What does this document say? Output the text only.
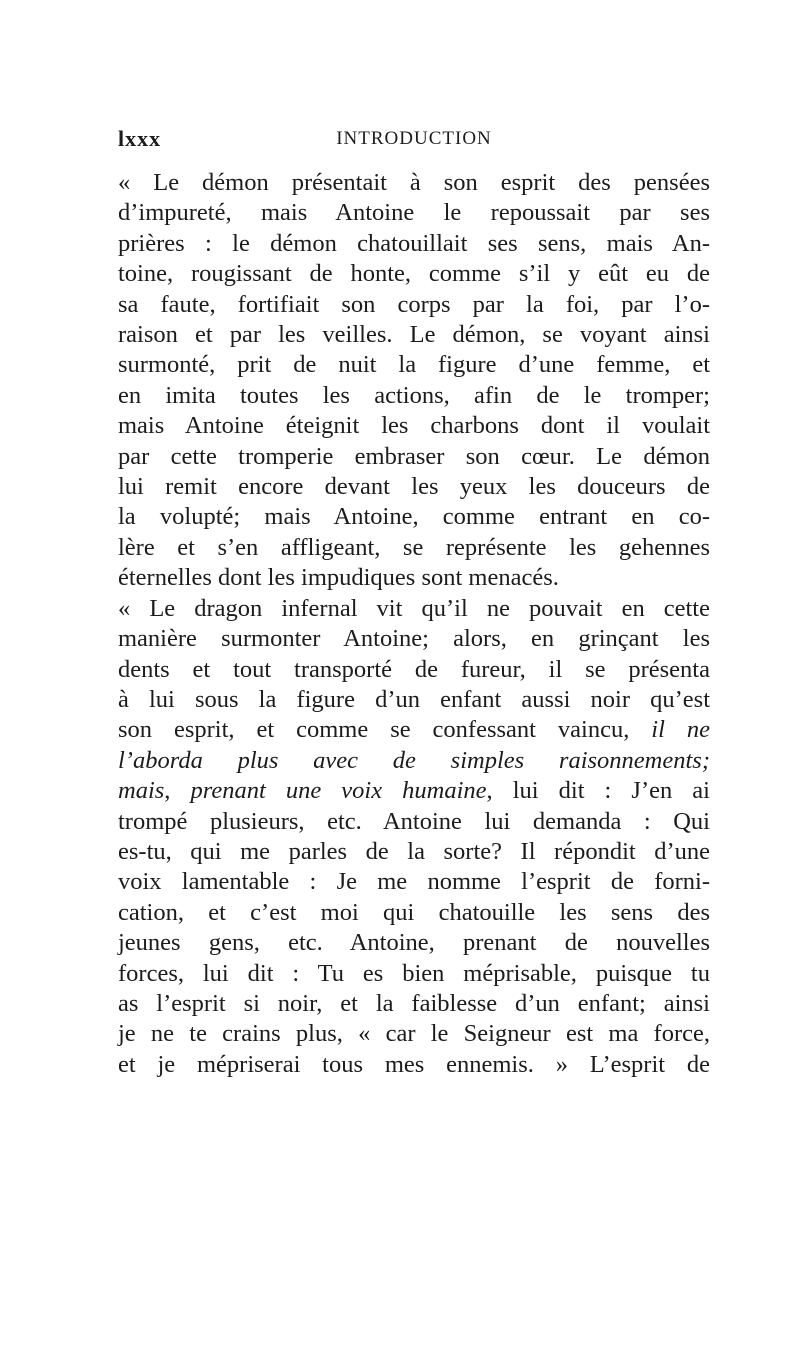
lxxx	INTRODUCTION
« Le démon présentait à son esprit des pensées
d’impureté, mais Antoine le repoussait par ses
prières : le démon chatouillait ses sens, mais An-
toine, rougissant de honte, comme s’il y eût eu de
sa faute, fortifiait son corps par la foi, par l’o-
raison et par les veilles. Le démon, se voyant ainsi
surmonté, prit de nuit la figure d’une femme, et
en imita toutes les actions, afin de le tromper;
mais Antoine éteignit les charbons dont il voulait
par cette tromperie embraser son cœur. Le démon
lui remit encore devant les yeux les douceurs de
la volupté; mais Antoine, comme entrant en co-
lère et s’en affligeant, se représente les gehennes
éternelles dont les impudiques sont menacés.
« Le dragon infernal vit qu’il ne pouvait en cette
manière surmonter Antoine; alors, en grinçant les
dents et tout transporté de fureur, il se présenta
à lui sous la figure d’un enfant aussi noir qu’est
son esprit, et comme se confessant vaincu, il ne
l’aborda plus avec de simples raisonnements;
mais, prenant une voix humaine, lui dit : J’en ai
trompé plusieurs, etc. Antoine lui demanda : Qui
es-tu, qui me parles de la sorte? Il répondit d’une
voix lamentable : Je me nomme l’esprit de forni-
cation, et c’est moi qui chatouille les sens des
jeunes gens, etc. Antoine, prenant de nouvelles
forces, lui dit : Tu es bien méprisable, puisque tu
as l’esprit si noir, et la faiblesse d’un enfant; ainsi
je ne te crains plus, « car le Seigneur est ma force,
et je mépriserai tous mes ennemis. » L’esprit de
